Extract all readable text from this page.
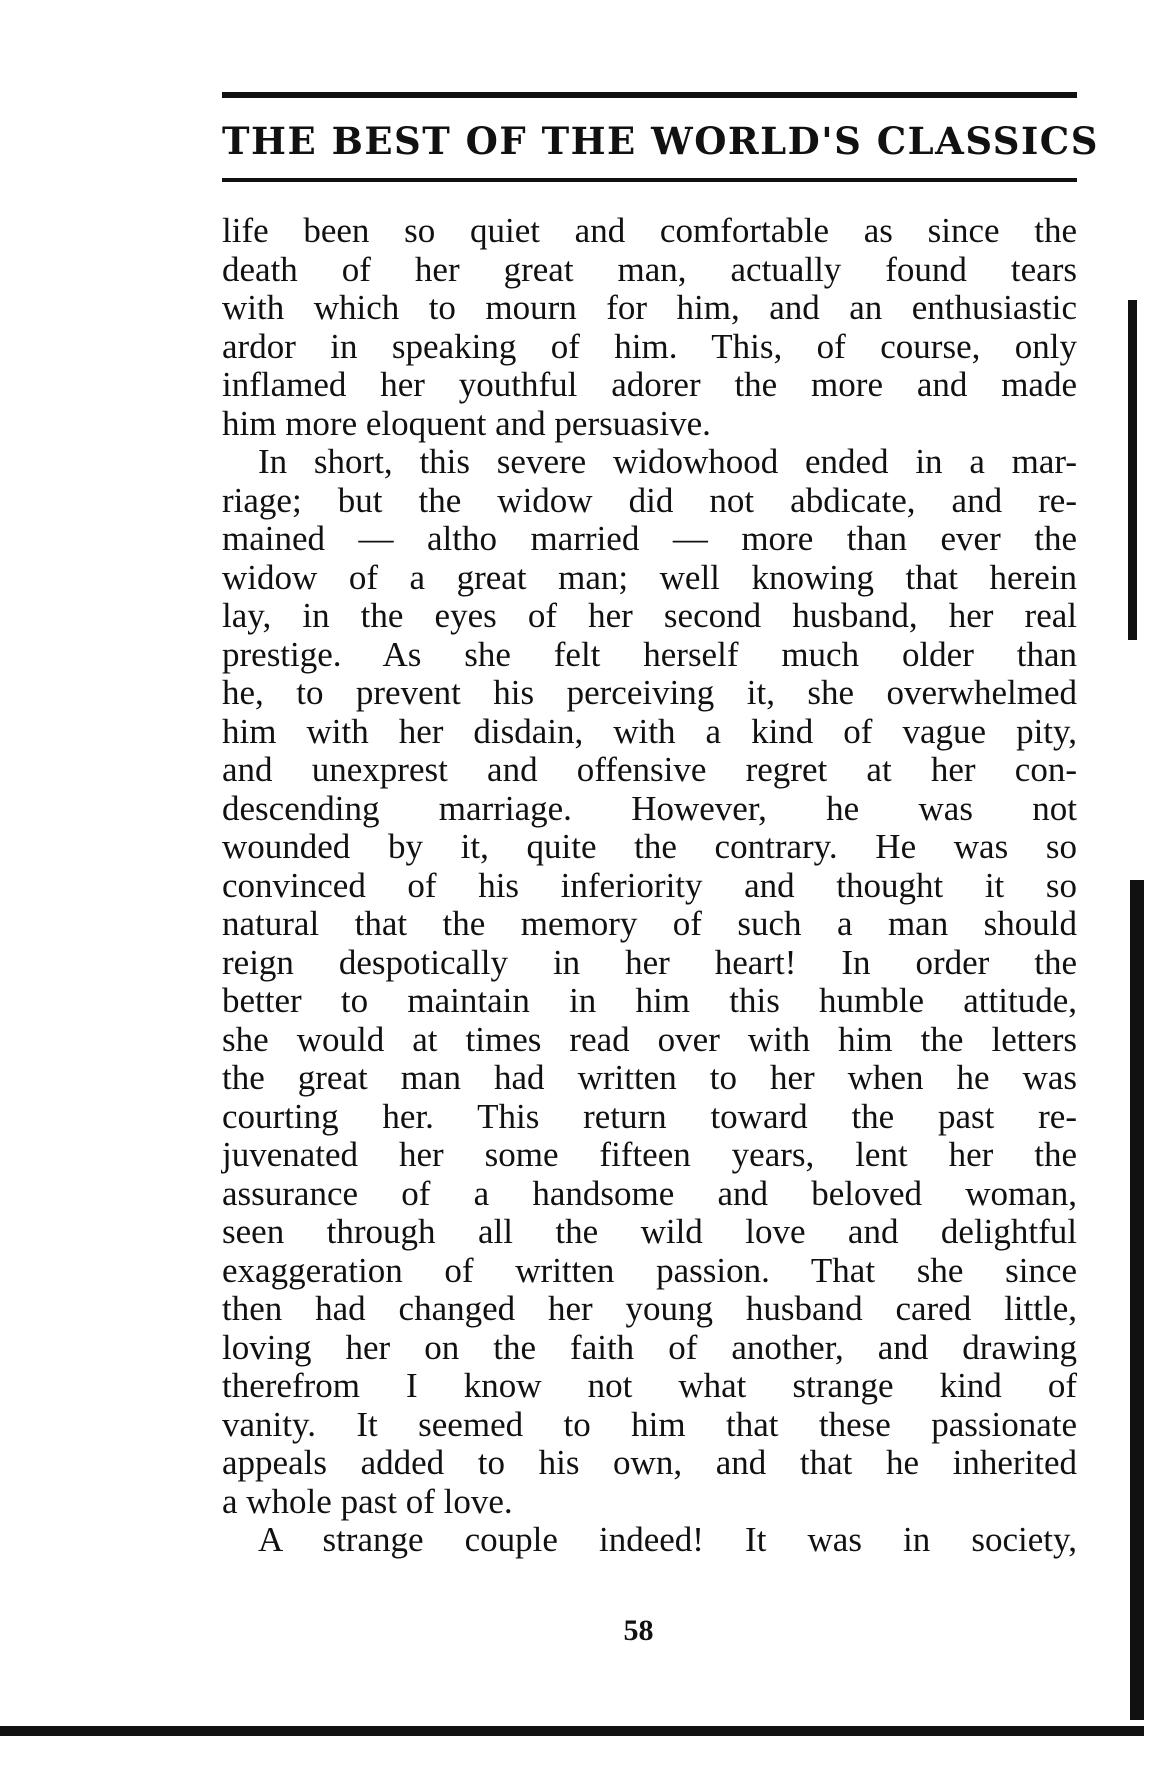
THE BEST OF THE WORLD'S CLASSICS
life been so quiet and comfortable as since the
death of her great man, actually found tears
with which to mourn for him, and an enthusiastic
ardor in speaking of him. This, of course, only
inflamed her youthful adorer the more and made
him more eloquent and persuasive.
In short, this severe widowhood ended in a mar-
riage; but the widow did not abdicate, and re-
mained — altho married — more than ever the
widow of a great man; well knowing that herein
lay, in the eyes of her second husband, her real
prestige. As she felt herself much older than
he, to prevent his perceiving it, she overwhelmed
him with her disdain, with a kind of vague pity,
and unexprest and offensive regret at her con-
descending marriage. However, he was not
wounded by it, quite the contrary. He was so
convinced of his inferiority and thought it so
natural that the memory of such a man should
reign despotically in her heart! In order the
better to maintain in him this humble attitude,
she would at times read over with him the letters
the great man had written to her when he was
courting her. This return toward the past re-
juvenated her some fifteen years, lent her the
assurance of a handsome and beloved woman,
seen through all the wild love and delightful
exaggeration of written passion. That she since
then had changed her young husband cared little,
loving her on the faith of another, and drawing
therefrom I know not what strange kind of
vanity. It seemed to him that these passionate
appeals added to his own, and that he inherited
a whole past of love.
A strange couple indeed! It was in society,
58
